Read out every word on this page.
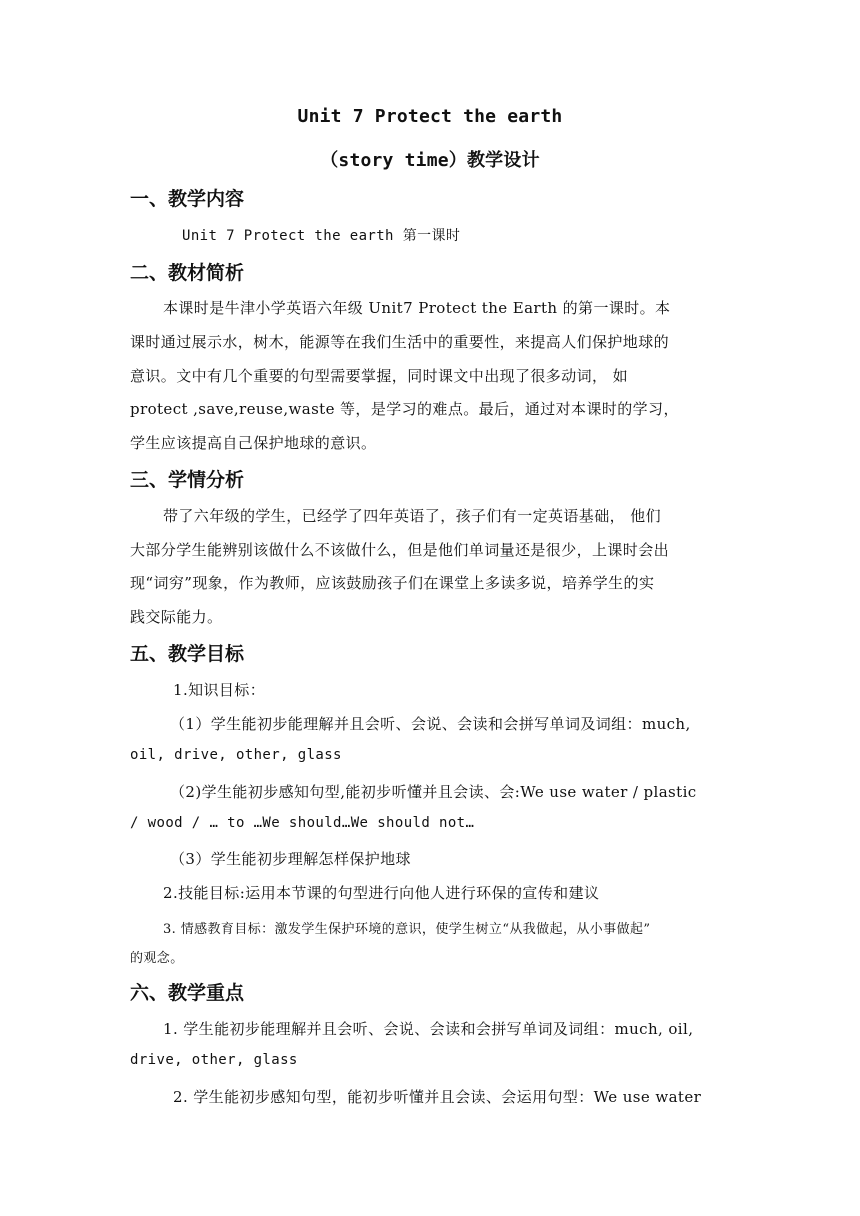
Unit 7 Protect the earth
（story time）教学设计
一、教学内容
Unit 7 Protect the earth 第一课时
二、教材简析
本课时是牛津小学英语六年级 Unit7 Protect the Earth 的第一课时。本
课时通过展示水，树木，能源等在我们生活中的重要性，来提高人们保护地球的
意识。文中有几个重要的句型需要掌握，同时课文中出现了很多动词， 如
protect ,save,reuse,waste 等，是学习的难点。最后，通过对本课时的学习，
学生应该提高自己保护地球的意识。
三、学情分析
带了六年级的学生，已经学了四年英语了，孩子们有一定英语基础， 他们
大部分学生能辨别该做什么不该做什么，但是他们单词量还是很少，上课时会出
现“词穷”现象，作为教师，应该鼓励孩子们在课堂上多读多说，培养学生的实
践交际能力。
五、教学目标
1.知识目标：
（1）学生能初步能理解并且会听、会说、会读和会拼写单词及词组：much,
oil, drive, other, glass
（2)学生能初步感知句型,能初步听懂并且会读、会:We use water / plastic
/ wood / … to …We should…We should not…
（3）学生能初步理解怎样保护地球
2.技能目标:运用本节课的句型进行向他人进行环保的宣传和建议
3. 情感教育目标：激发学生保护环境的意识，使学生树立“从我做起，从小事做起”
的观念。
六、教学重点
1. 学生能初步能理解并且会听、会说、会读和会拼写单词及词组：much, oil,
drive, other, glass
2. 学生能初步感知句型，能初步听懂并且会读、会运用句型：We use water
